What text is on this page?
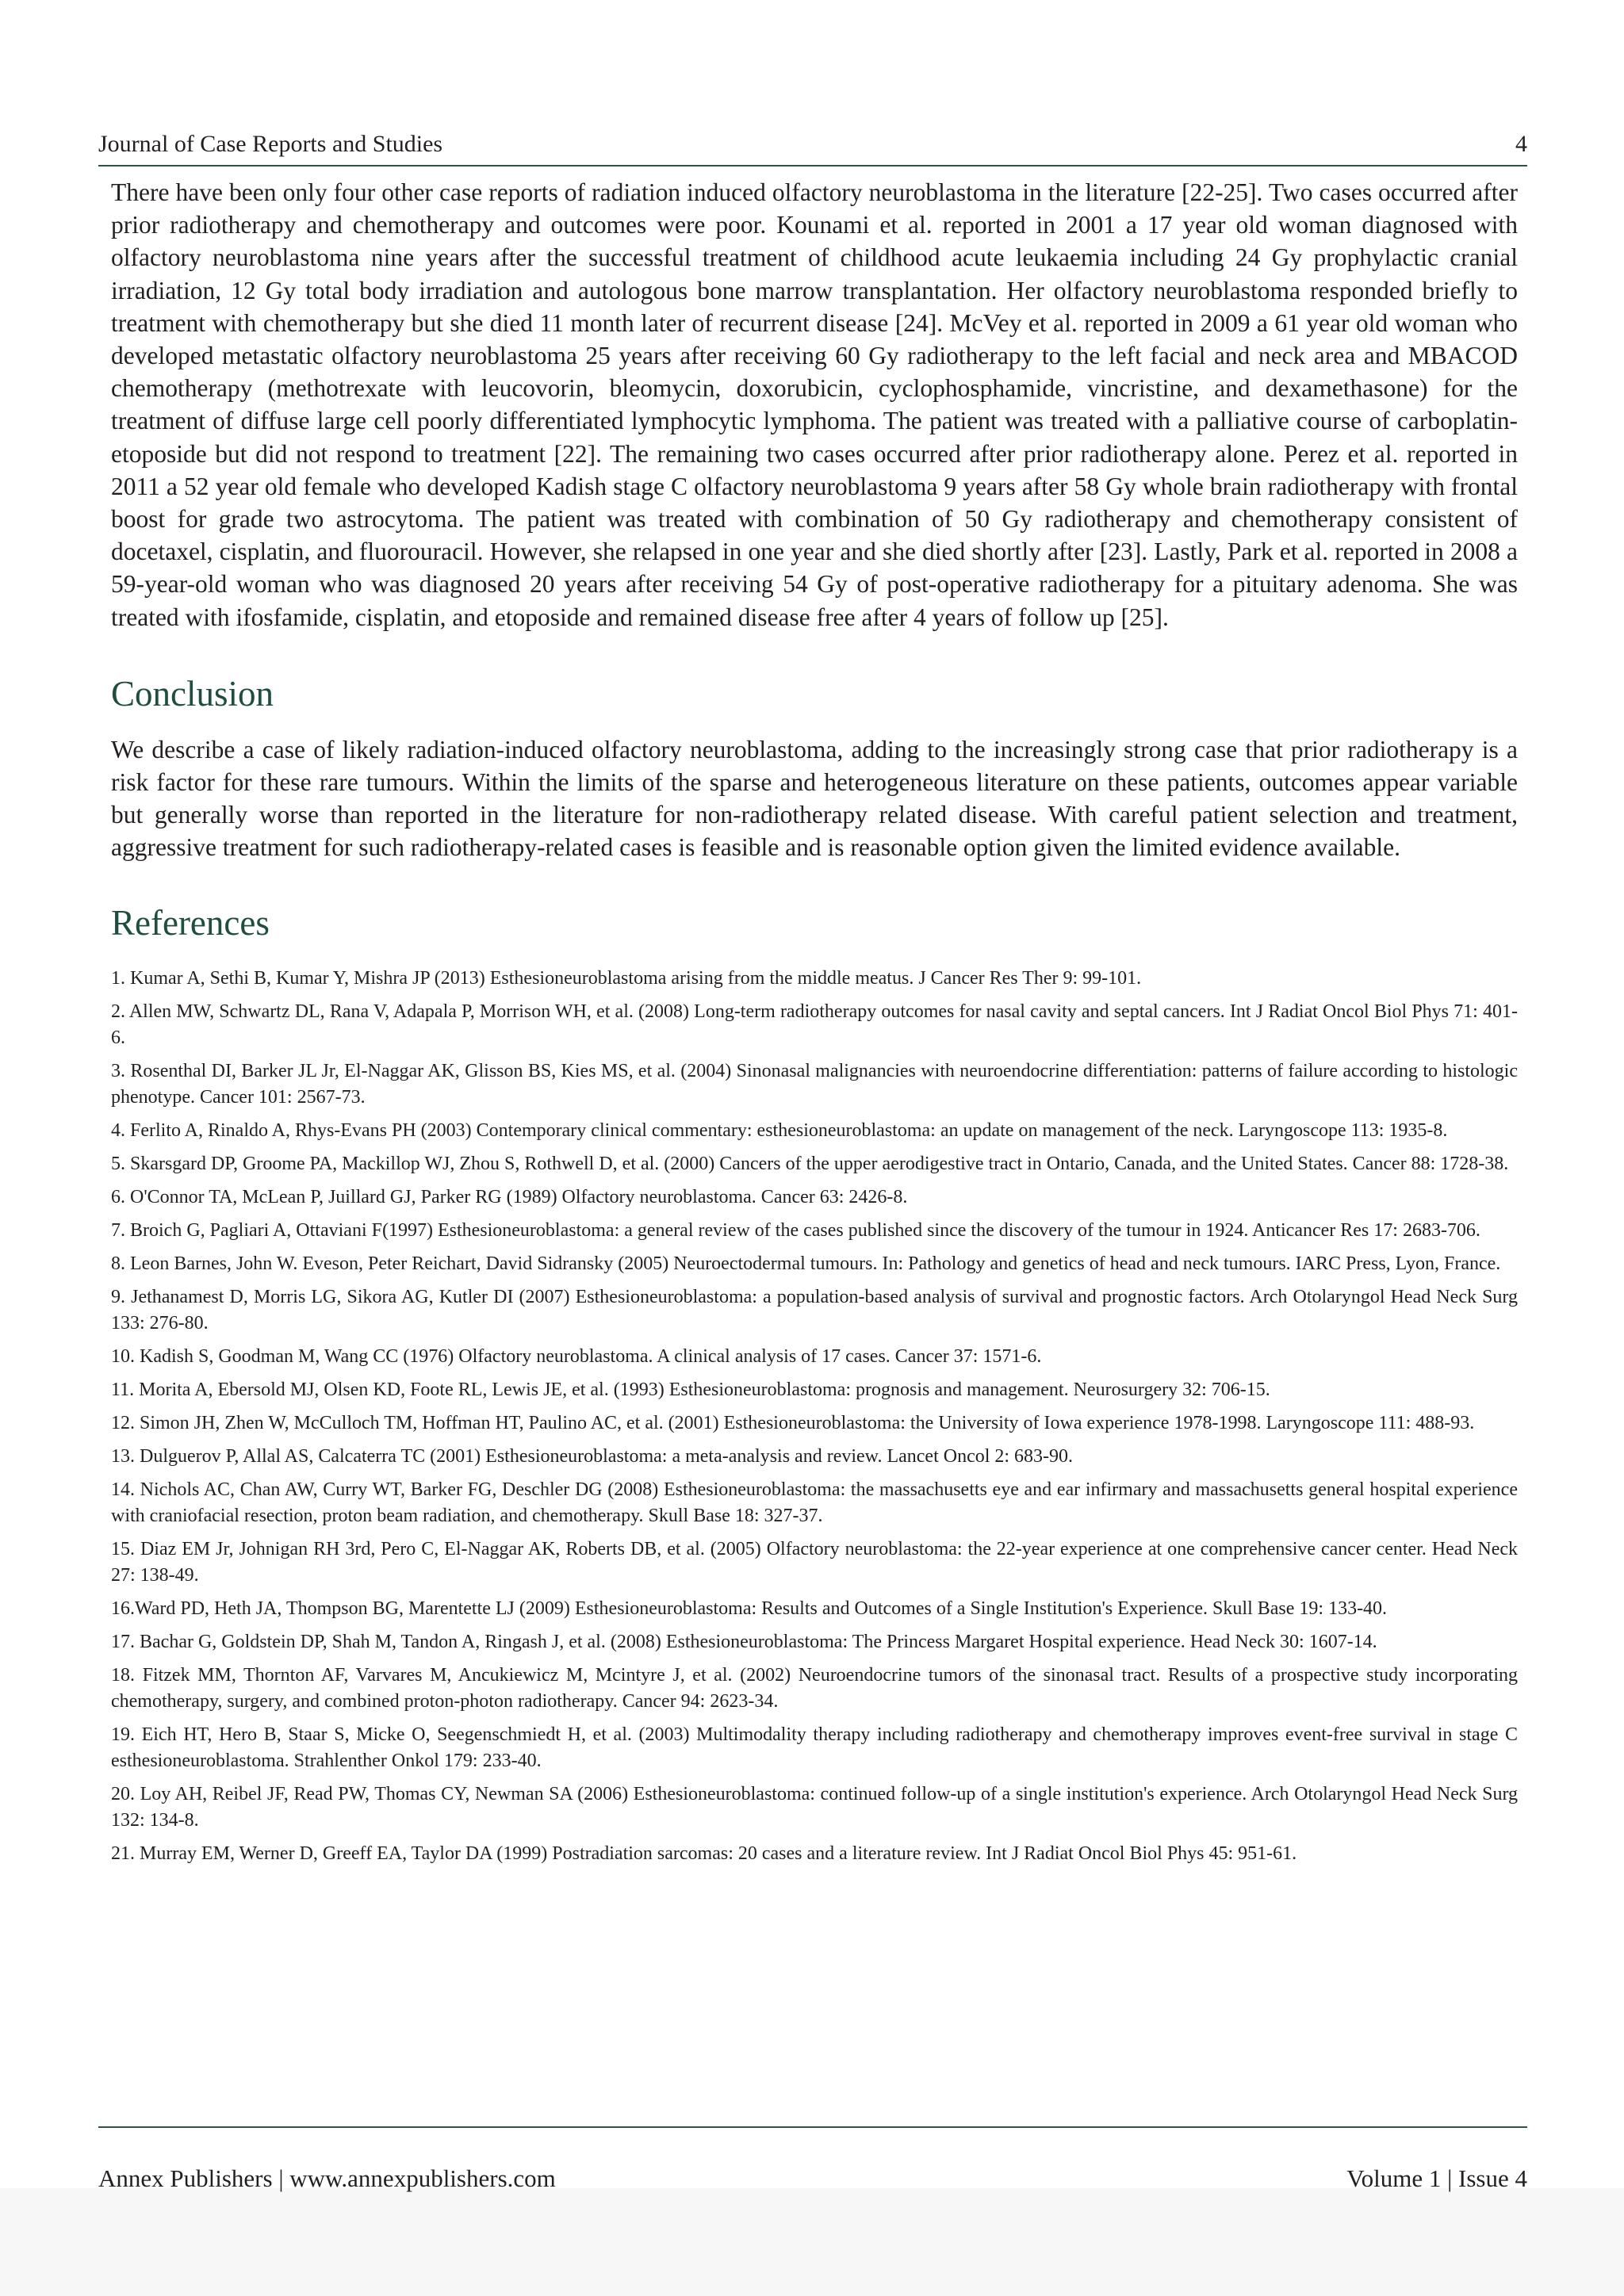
Journal of Case Reports and Studies	4

There have been only four other case reports of radiation induced olfactory neuroblastoma in the literature [22-25]. Two cases occurred after prior radiotherapy and chemotherapy and outcomes were poor. Kounami et al. reported in 2001 a 17 year old woman diagnosed with olfactory neuroblastoma nine years after the successful treatment of childhood acute leukaemia including 24 Gy prophylactic cranial irradiation, 12 Gy total body irradiation and autologous bone marrow transplantation. Her olfactory neuroblastoma responded briefly to treatment with chemotherapy but she died 11 month later of recurrent disease [24]. McVey et al. reported in 2009 a 61 year old woman who developed metastatic olfactory neuroblastoma 25 years after receiving 60 Gy radiotherapy to the left facial and neck area and MBACOD chemotherapy (methotrexate with leucovorin, bleomycin, doxorubicin, cyclophosphamide, vincristine, and dexamethasone) for the treatment of diffuse large cell poorly differentiated lymphocytic lymphoma. The patient was treated with a palliative course of carboplatin-etoposide but did not respond to treatment [22]. The remaining two cases occurred after prior radiotherapy alone. Perez et al. reported in 2011 a 52 year old female who developed Kadish stage C olfactory neuroblastoma 9 years after 58 Gy whole brain radiotherapy with frontal boost for grade two astrocytoma. The patient was treated with combination of 50 Gy radiotherapy and chemotherapy consistent of docetaxel, cisplatin, and fluorouracil. However, she relapsed in one year and she died shortly after [23]. Lastly, Park et al. reported in 2008 a 59-year-old woman who was diagnosed 20 years after receiving 54 Gy of post-operative radiotherapy for a pituitary adenoma. She was treated with ifosfamide, cisplatin, and etoposide and remained disease free after 4 years of follow up [25].

Conclusion

We describe a case of likely radiation-induced olfactory neuroblastoma, adding to the increasingly strong case that prior radiotherapy is a risk factor for these rare tumours. Within the limits of the sparse and heterogeneous literature on these patients, outcomes appear variable but generally worse than reported in the literature for non-radiotherapy related disease. With careful patient selection and treatment, aggressive treatment for such radiotherapy-related cases is feasible and is reasonable option given the limited evidence available.

References
1. Kumar A, Sethi B, Kumar Y, Mishra JP (2013) Esthesioneuroblastoma arising from the middle meatus. J Cancer Res Ther 9: 99-101.
2. Allen MW, Schwartz DL, Rana V, Adapala P, Morrison WH, et al. (2008) Long-term radiotherapy outcomes for nasal cavity and septal cancers. Int J Radiat Oncol Biol Phys 71: 401-6.
3. Rosenthal DI, Barker JL Jr, El-Naggar AK, Glisson BS, Kies MS, et al. (2004) Sinonasal malignancies with neuroendocrine differentiation: patterns of failure according to histologic phenotype. Cancer 101: 2567-73.
4. Ferlito A, Rinaldo A, Rhys-Evans PH (2003) Contemporary clinical commentary: esthesioneuroblastoma: an update on management of the neck. Laryngoscope 113: 1935-8.
5. Skarsgard DP, Groome PA, Mackillop WJ, Zhou S, Rothwell D, et al. (2000) Cancers of the upper aerodigestive tract in Ontario, Canada, and the United States. Cancer 88: 1728-38.
6. O'Connor TA, McLean P, Juillard GJ, Parker RG (1989) Olfactory neuroblastoma. Cancer 63: 2426-8.
7. Broich G, Pagliari A, Ottaviani F(1997) Esthesioneuroblastoma: a general review of the cases published since the discovery of the tumour in 1924. Anticancer Res 17: 2683-706.
8. Leon Barnes, John W. Eveson, Peter Reichart, David Sidransky (2005) Neuroectodermal tumours. In: Pathology and genetics of head and neck tumours. IARC Press, Lyon, France.
9. Jethanamest D, Morris LG, Sikora AG, Kutler DI (2007) Esthesioneuroblastoma: a population-based analysis of survival and prognostic factors. Arch Otolaryngol Head Neck Surg 133: 276-80.
10. Kadish S, Goodman M, Wang CC (1976) Olfactory neuroblastoma. A clinical analysis of 17 cases. Cancer 37: 1571-6.
11. Morita A, Ebersold MJ, Olsen KD, Foote RL, Lewis JE, et al. (1993) Esthesioneuroblastoma: prognosis and management. Neurosurgery 32: 706-15.
12. Simon JH, Zhen W, McCulloch TM, Hoffman HT, Paulino AC, et al. (2001) Esthesioneuroblastoma: the University of Iowa experience 1978-1998. Laryngoscope 111: 488-93.
13. Dulguerov P, Allal AS, Calcaterra TC (2001) Esthesioneuroblastoma: a meta-analysis and review. Lancet Oncol 2: 683-90.
14. Nichols AC, Chan AW, Curry WT, Barker FG, Deschler DG (2008) Esthesioneuroblastoma: the massachusetts eye and ear infirmary and massachusetts general hospital experience with craniofacial resection, proton beam radiation, and chemotherapy. Skull Base 18: 327-37.
15. Diaz EM Jr, Johnigan RH 3rd, Pero C, El-Naggar AK, Roberts DB, et al. (2005) Olfactory neuroblastoma: the 22-year experience at one comprehensive cancer center. Head Neck 27: 138-49.
16.Ward PD, Heth JA, Thompson BG, Marentette LJ (2009) Esthesioneuroblastoma: Results and Outcomes of a Single Institution's Experience. Skull Base 19: 133-40.
17. Bachar G, Goldstein DP, Shah M, Tandon A, Ringash J, et al. (2008) Esthesioneuroblastoma: The Princess Margaret Hospital experience. Head Neck 30: 1607-14.
18. Fitzek MM, Thornton AF, Varvares M, Ancukiewicz M, Mcintyre J, et al. (2002) Neuroendocrine tumors of the sinonasal tract. Results of a prospective study incorporating chemotherapy, surgery, and combined proton-photon radiotherapy. Cancer 94: 2623-34.
19. Eich HT, Hero B, Staar S, Micke O, Seegenschmiedt H, et al. (2003) Multimodality therapy including radiotherapy and chemotherapy improves event-free survival in stage C esthesioneuroblastoma. Strahlenther Onkol 179: 233-40.
20. Loy AH, Reibel JF, Read PW, Thomas CY, Newman SA (2006) Esthesioneuroblastoma: continued follow-up of a single institution's experience. Arch Otolaryngol Head Neck Surg 132: 134-8.
21. Murray EM, Werner D, Greeff EA, Taylor DA (1999) Postradiation sarcomas: 20 cases and a literature review. Int J Radiat Oncol Biol Phys 45: 951-61.
Annex Publishers | www.annexpublishers.com	Volume 1 | Issue 4
